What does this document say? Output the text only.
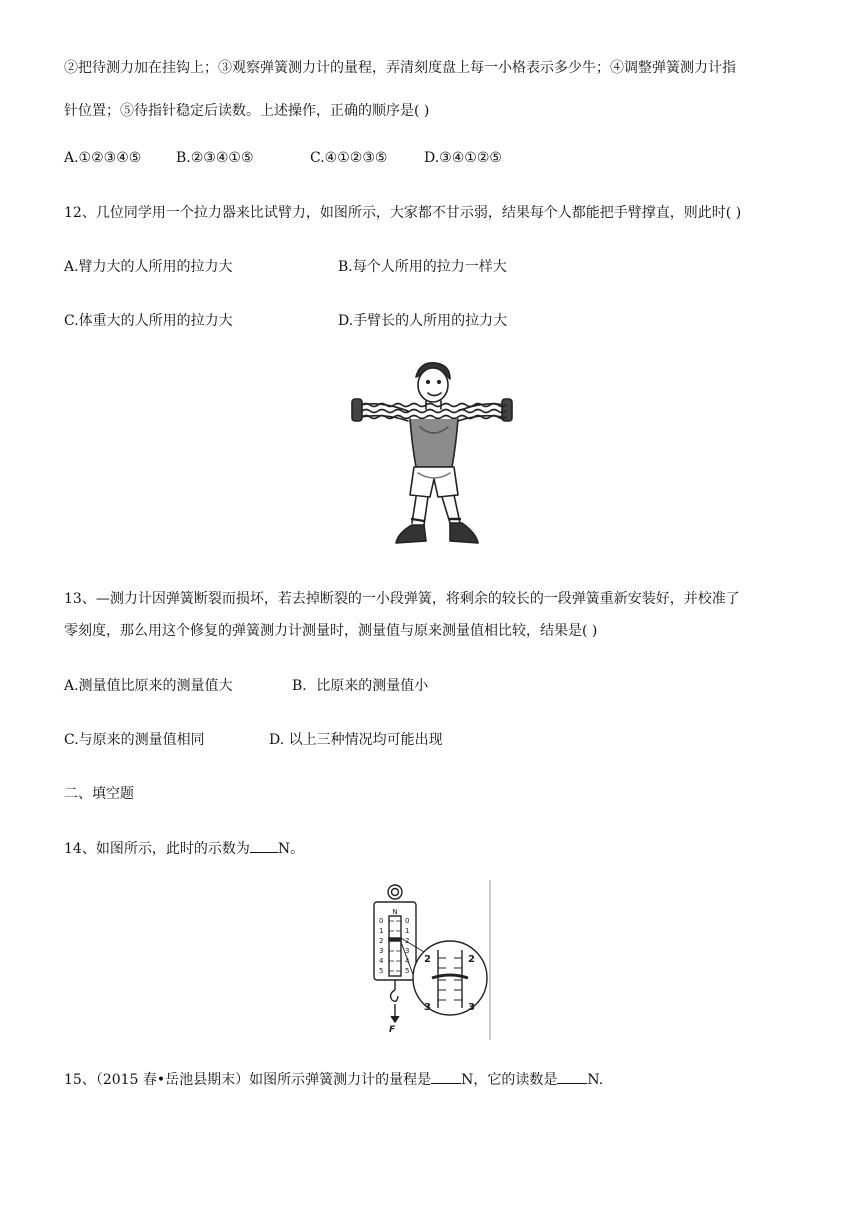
②把待测力加在挂钩上；③观察弹簧测力计的量程，弄清刻度盘上每一小格表示多少牛；④调整弹簧测力计指
针位置；⑤待指针稳定后读数。上述操作，正确的顺序是( )
A.①②③④⑤ B.②③④①⑤	C.④①②③⑤	D.③④①②⑤
12、几位同学用一个拉力器来比试臂力，如图所示，大家都不甘示弱，结果每个人都能把手臂撑直，则此时( )
A.臂力大的人所用的拉力大	B.每个人所用的拉力一样大
C.体重大的人所用的拉力大	D.手臂长的人所用的拉力大
13、—测力计因弹簧断裂而损坏，若去掉断裂的一小段弹簧，将剩余的较长的一段弹簧重新安装好，并校准了
零刻度，那么用这个修复的弹簧测力计测量时，测量值与原来测量值相比较，结果是( )
A.测量值比原来的测量值大	B．比原来的测量值小
C.与原来的测量值相同	D. 以上三种情况均可能出现
二、填空题
14、如图所示，此时的示数为 N。
N
0
1
2
3
4
5
0
1
2
3
4
5
2
3
2
3
F
15、（2015 春•岳池县期末）如图所示弹簧测力计的量程是 N，它的读数是 N.
